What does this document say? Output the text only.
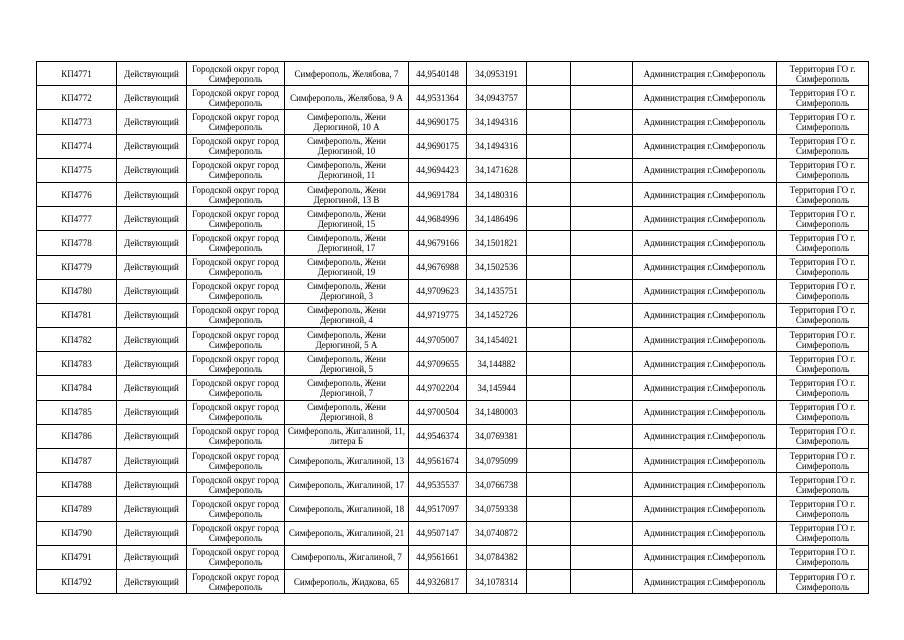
КП4771	Действующий	Городской округ город Симферополь	Симферополь, Желябова, 7	44,9540148	34,0953191			Администрация г.Симферополь	Территория ГО г. Симферополь
КП4772	Действующий	Городской округ город Симферополь	Симферополь, Желябова, 9 А	44,9531364	34,0943757			Администрация г.Симферополь	Территория ГО г. Симферополь
КП4773	Действующий	Городской округ город Симферополь	Симферополь, Жени Дерюгиной, 10 А	44,9690175	34,1494316			Администрация г.Симферополь	Территория ГО г. Симферополь
КП4774	Действующий	Городской округ город Симферополь	Симферополь, Жени Дерюгиной, 10	44,9690175	34,1494316			Администрация г.Симферополь	Территория ГО г. Симферополь
КП4775	Действующий	Городской округ город Симферополь	Симферополь, Жени Дерюгиной, 11	44,9694423	34,1471628			Администрация г.Симферополь	Территория ГО г. Симферополь
КП4776	Действующий	Городской округ город Симферополь	Симферополь, Жени Дерюгиной, 13 В	44,9691784	34,1480316			Администрация г.Симферополь	Территория ГО г. Симферополь
КП4777	Действующий	Городской округ город Симферополь	Симферополь, Жени Дерюгиной, 15	44,9684996	34,1486496			Администрация г.Симферополь	Территория ГО г. Симферополь
КП4778	Действующий	Городской округ город Симферополь	Симферополь, Жени Дерюгиной, 17	44,9679166	34,1501821			Администрация г.Симферополь	Территория ГО г. Симферополь
КП4779	Действующий	Городской округ город Симферополь	Симферополь, Жени Дерюгиной, 19	44,9676988	34,1502536			Администрация г.Симферополь	Территория ГО г. Симферополь
КП4780	Действующий	Городской округ город Симферополь	Симферополь, Жени Дерюгиной, 3	44,9709623	34,1435751			Администрация г.Симферополь	Территория ГО г. Симферополь
КП4781	Действующий	Городской округ город Симферополь	Симферополь, Жени Дерюгиной, 4	44,9719775	34,1452726			Администрация г.Симферополь	Территория ГО г. Симферополь
КП4782	Действующий	Городской округ город Симферополь	Симферополь, Жени Дерюгиной, 5 А	44,9705007	34,1454021			Администрация г.Симферополь	Территория ГО г. Симферополь
КП4783	Действующий	Городской округ город Симферополь	Симферополь, Жени Дерюгиной, 5	44,9709655	34,144882			Администрация г.Симферополь	Территория ГО г. Симферополь
КП4784	Действующий	Городской округ город Симферополь	Симферополь, Жени Дерюгиной, 7	44,9702204	34,145944			Администрация г.Симферополь	Территория ГО г. Симферополь
КП4785	Действующий	Городской округ город Симферополь	Симферополь, Жени Дерюгиной, 8	44,9700504	34,1480003			Администрация г.Симферополь	Территория ГО г. Симферополь
КП4786	Действующий	Городской округ город Симферополь	Симферополь, Жигалиной, 11, литера Б	44,9546374	34,0769381			Администрация г.Симферополь	Территория ГО г. Симферополь
КП4787	Действующий	Городской округ город Симферополь	Симферополь, Жигалиной, 13	44,9561674	34,0795099			Администрация г.Симферополь	Территория ГО г. Симферополь
КП4788	Действующий	Городской округ город Симферополь	Симферополь, Жигалиной, 17	44,9535537	34,0766738			Администрация г.Симферополь	Территория ГО г. Симферополь
КП4789	Действующий	Городской округ город Симферополь	Симферополь, Жигалиной, 18	44,9517097	34,0759338			Администрация г.Симферополь	Территория ГО г. Симферополь
КП4790	Действующий	Городской округ город Симферополь	Симферополь, Жигалиной, 21	44,9507147	34,0740872			Администрация г.Симферополь	Территория ГО г. Симферополь
КП4791	Действующий	Городской округ город Симферополь	Симферополь, Жигалиной, 7	44,9561661	34,0784382			Администрация г.Симферополь	Территория ГО г. Симферополь
КП4792	Действующий	Городской округ город Симферополь	Симферополь, Жидкова, 65	44,9326817	34,1078314			Администрация г.Симферополь	Территория ГО г. Симферополь
